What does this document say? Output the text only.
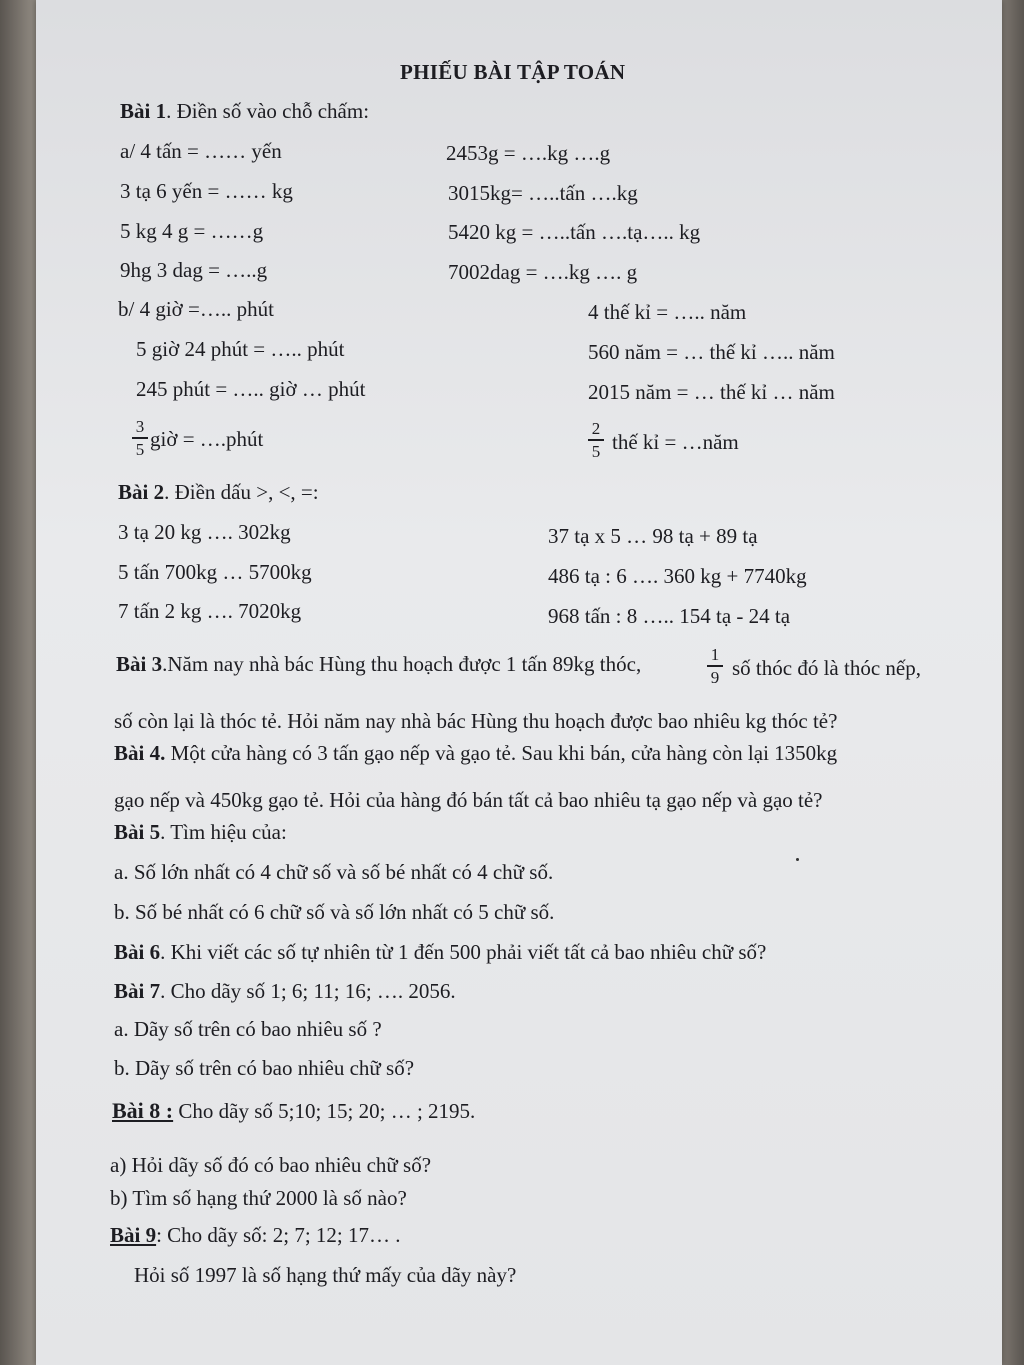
PHIẾU BÀI TẬP TOÁN
Bài 1. Điền số vào chỗ chấm:
a/ 4 tấn = …… yến
3 tạ 6 yến = …… kg
5 kg 4 g = ……g
9hg 3 dag = …..g
b/ 4 giờ =….. phút
5 giờ 24 phút = ….. phút
245 phút = ….. giờ … phút
3
5 giờ = ….phút
2453g = ….kg ….g
3015kg= …..tấn ….kg
5420 kg = …..tấn ….tạ….. kg
7002dag = ….kg …. g
4 thế kỉ = ….. năm
560 năm = … thế kỉ ….. năm
2015 năm = … thế kỉ … năm
2
5 thế kỉ = …năm
Bài 2. Điền dấu >, <, =:
3 tạ 20 kg …. 302kg
5 tấn 700kg … 5700kg
7 tấn 2 kg …. 7020kg
37 tạ x 5 … 98 tạ + 89 tạ
486 tạ : 6 …. 360 kg + 7740kg
968 tấn : 8 ….. 154 tạ - 24 tạ
Bài 3.Năm nay nhà bác Hùng thu hoạch được 1 tấn 89kg thóc,	1
9 số thóc đó là thóc nếp,
số còn lại là thóc tẻ. Hỏi năm nay nhà bác Hùng thu hoạch được bao nhiêu kg thóc tẻ?
Bài 4. Một cửa hàng có 3 tấn gạo nếp và gạo tẻ. Sau khi bán, cửa hàng còn lại 1350kg
gạo nếp và 450kg gạo tẻ. Hỏi của hàng đó bán tất cả bao nhiêu tạ gạo nếp và gạo tẻ?
Bài 5. Tìm hiệu của:
a. Số lớn nhất có 4 chữ số và số bé nhất có 4 chữ số.
b. Số bé nhất có 6 chữ số và số lớn nhất có 5 chữ số.
Bài 6. Khi viết các số tự nhiên từ 1 đến 500 phải viết tất cả bao nhiêu chữ số?
Bài 7. Cho dãy số 1; 6; 11; 16; …. 2056.
a. Dãy số trên có bao nhiêu số ?
b. Dãy số trên có bao nhiêu chữ số?
Bài 8 : Cho dãy số 5;10; 15; 20; … ; 2195.
a) Hỏi dãy số đó có bao nhiêu chữ số?
b) Tìm số hạng thứ 2000 là số nào?
Bài 9: Cho dãy số: 2; 7; 12; 17… .
Hỏi số 1997 là số hạng thứ mấy của dãy này?
